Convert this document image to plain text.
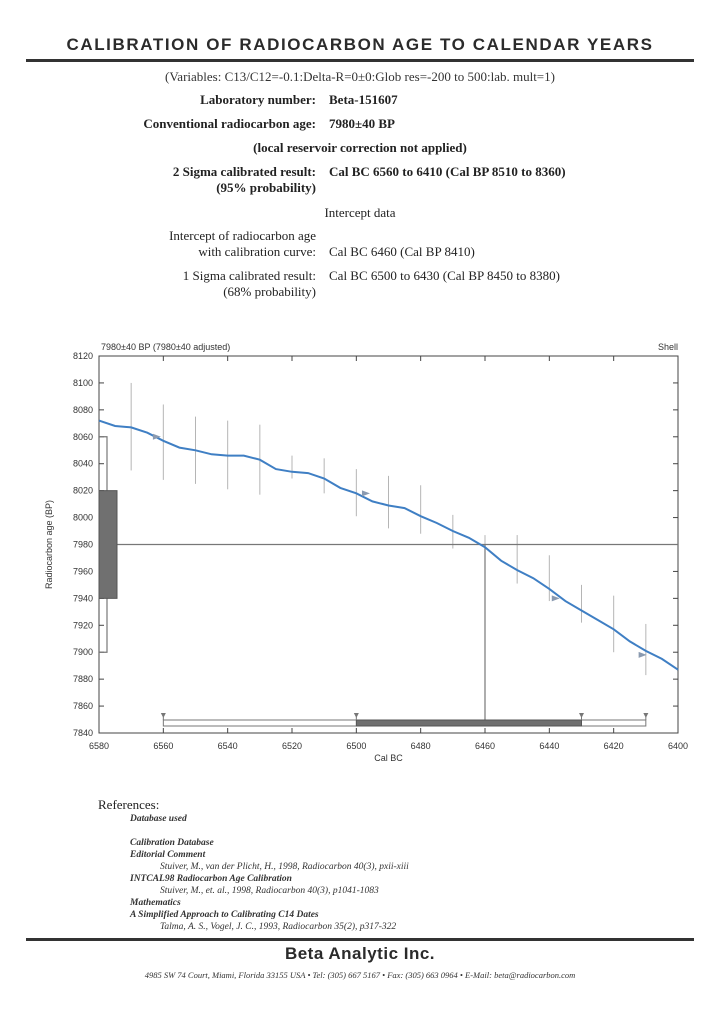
CALIBRATION OF RADIOCARBON AGE TO CALENDAR YEARS
(Variables: C13/C12=-0.1:Delta-R=0±0:Glob res=-200 to 500:lab. mult=1)
Laboratory number: Beta-151607
Conventional radiocarbon age: 7980±40 BP
(local reservoir correction not applied)
2 Sigma calibrated result: Cal BC 6560 to 6410 (Cal BP 8510 to 8360)
(95% probability)
Intercept data
Intercept of radiocarbon age
with calibration curve: Cal BC 6460 (Cal BP 8410)
1 Sigma calibrated result: Cal BC 6500 to 6430 (Cal BP 8450 to 8380)
(68% probability)
6580	6560	6540	6520	6500	6480	6460	6440	6420	6400
7840
7860
7880
7900
7920
7940
7960
7980
8000
8020
8040
8060
8080
8100
8120
Cal BC
Radiocarbon age (BP)
7980±40 BP (7980±40 adjusted)	Shell
References:
Database used
Calibration Database
Editorial Comment
Stuiver, M., van der Plicht, H., 1998, Radiocarbon 40(3), pxii-xiii
INTCAL98 Radiocarbon Age Calibration
Stuiver, M., et. al., 1998, Radiocarbon 40(3), p1041-1083
Mathematics
A Simplified Approach to Calibrating C14 Dates
Talma, A. S., Vogel, J. C., 1993, Radiocarbon 35(2), p317-322
Beta Analytic Inc.
4985 SW 74 Court, Miami, Florida 33155 USA • Tel: (305) 667 5167 • Fax: (305) 663 0964 • E-Mail: beta@radiocarbon.com
